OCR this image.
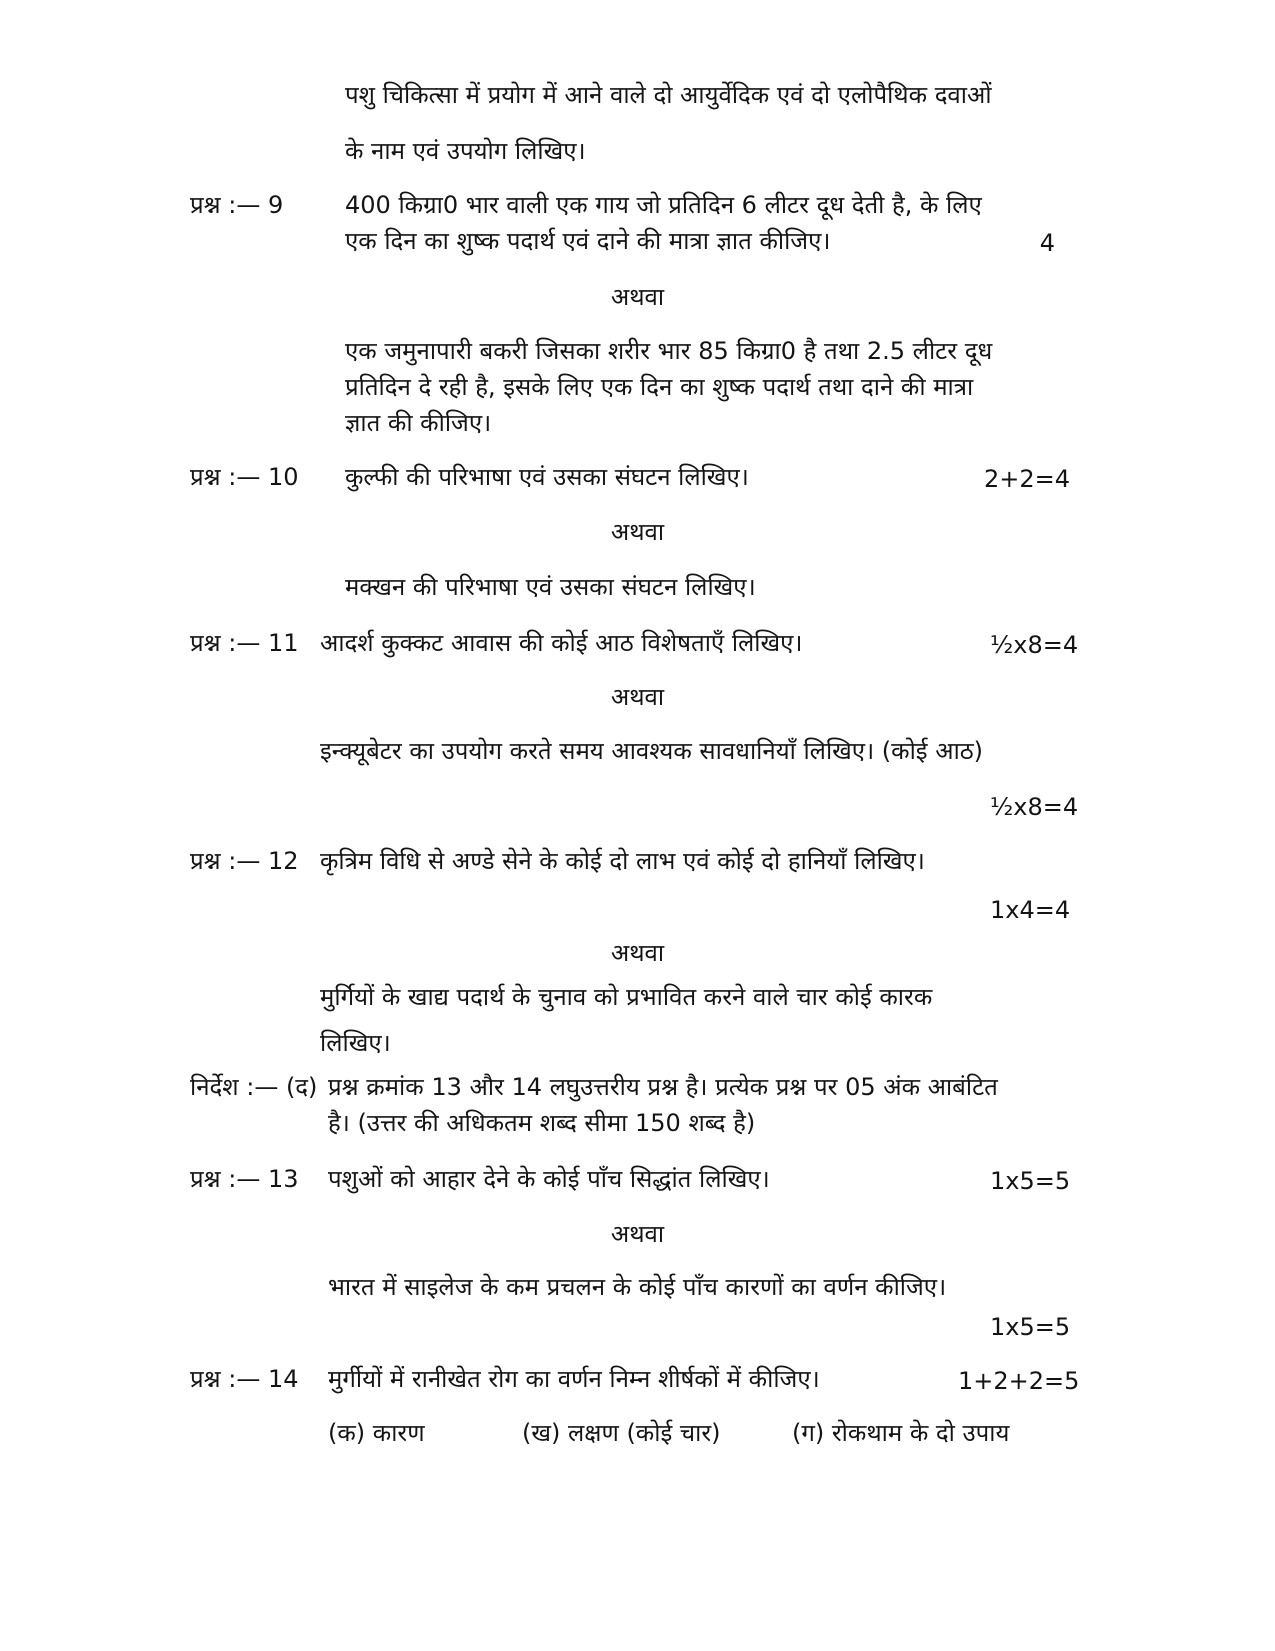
पशु चिकित्सा में प्रयोग में आने वाले दो आयुर्वेदिक एवं दो एलोपैथिक दवाओं
के नाम एवं उपयोग लिखिए।
प्रश्न :— 9	400 किग्रा0 भार वाली एक गाय जो प्रतिदिन 6 लीटर दूध देती है, के लिए
एक दिन का शुष्क पदार्थ एवं दाने की मात्रा ज्ञात कीजिए।	4
अथवा
एक जमुनापारी बकरी जिसका शरीर भार 85 किग्रा0 है तथा 2.5 लीटर दूध
प्रतिदिन दे रही है, इसके लिए एक दिन का शुष्क पदार्थ तथा दाने की मात्रा
ज्ञात की कीजिए।
प्रश्न :— 10 कुल्फी की परिभाषा एवं उसका संघटन लिखिए।	2+2=4
अथवा
मक्खन की परिभाषा एवं उसका संघटन लिखिए।
प्रश्न :— 11 आदर्श कुक्कट आवास की कोई आठ विशेषताएँ लिखिए।	½x8=4
अथवा
इन्क्यूबेटर का उपयोग करते समय आवश्यक सावधानियाँ लिखिए। (कोई आठ)
½x8=4
प्रश्न :— 12 कृत्रिम विधि से अण्डे सेने के कोई दो लाभ एवं कोई दो हानियाँ लिखिए।
1x4=4
अथवा
मुर्गियों के खाद्य पदार्थ के चुनाव को प्रभावित करने वाले चार कोई कारक
लिखिए।
निर्देश :— (द) प्रश्न क्रमांक 13 और 14 लघुउत्तरीय प्रश्न है। प्रत्येक प्रश्न पर 05 अंक आबंटित
है। (उत्तर की अधिकतम शब्द सीमा 150 शब्द है)
प्रश्न :— 13 पशुओं को आहार देने के कोई पाँच सिद्धांत लिखिए।	1x5=5
अथवा
भारत में साइलेज के कम प्रचलन के कोई पाँच कारणों का वर्णन कीजिए।
1x5=5
प्रश्न :— 14 मुर्गीयों में रानीखेत रोग का वर्णन निम्न शीर्षकों में कीजिए।	1+2+2=5
(क) कारण	(ख) लक्षण (कोई चार)	(ग) रोकथाम के दो उपाय
